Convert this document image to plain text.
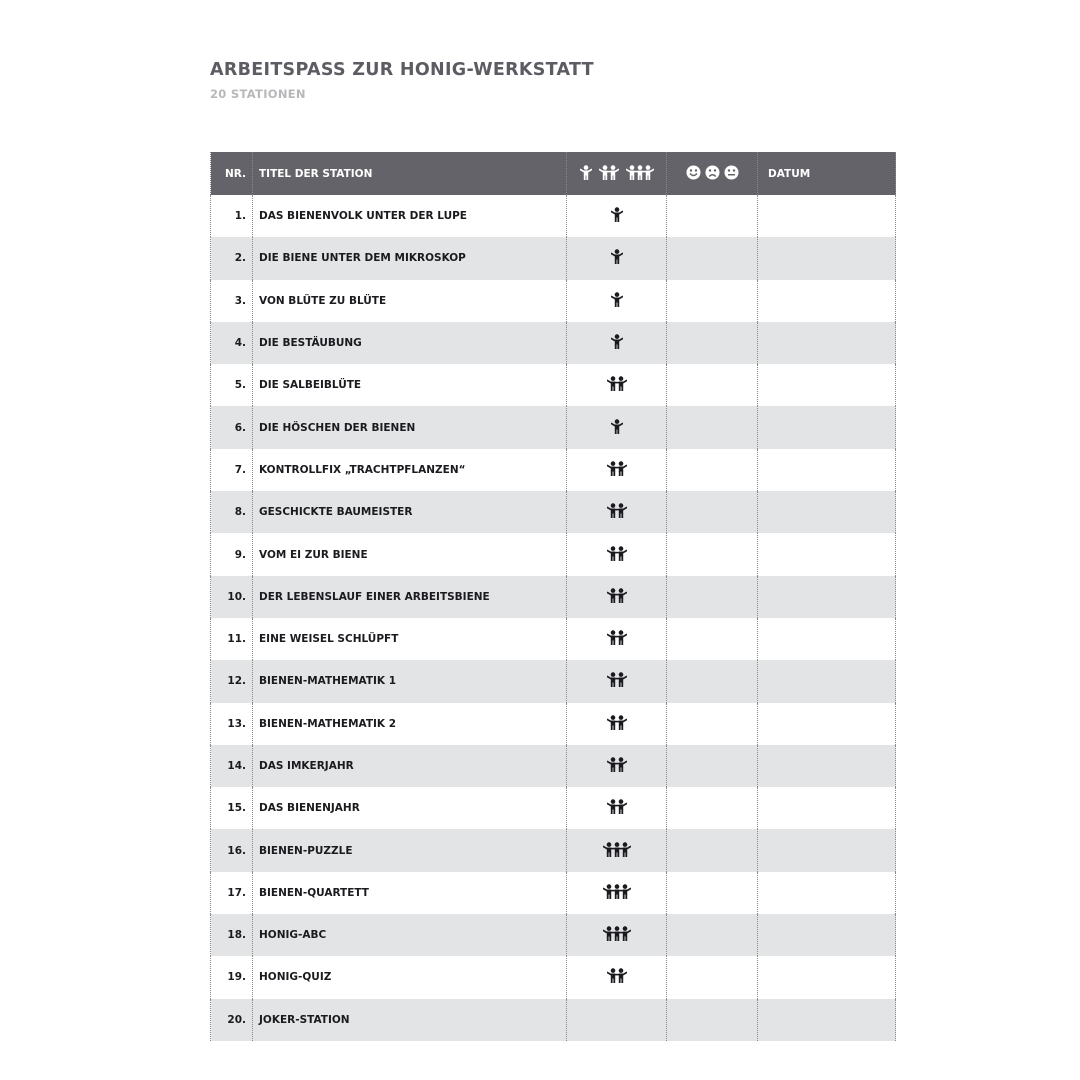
ARBEITSPASS ZUR HONIG-WERKSTATT
20 STATIONEN
NR.	TITEL DER STATION			DATUM
1.	DAS BIENENVOLK UNTER DER LUPE			
2.	DIE BIENE UNTER DEM MIKROSKOP			
3.	VON BLÜTE ZU BLÜTE			
4.	DIE BESTÄUBUNG			
5.	DIE SALBEIBLÜTE			
6.	DIE HÖSCHEN DER BIENEN			
7.	KONTROLLFIX „TRACHTPFLANZEN“			
8.	GESCHICKTE BAUMEISTER			
9.	VOM EI ZUR BIENE			
10.	DER LEBENSLAUF EINER ARBEITSBIENE			
11.	EINE WEISEL SCHLÜPFT			
12.	BIENEN-MATHEMATIK 1			
13.	BIENEN-MATHEMATIK 2			
14.	DAS IMKERJAHR			
15.	DAS BIENENJAHR			
16.	BIENEN-PUZZLE			
17.	BIENEN-QUARTETT			
18.	HONIG-ABC			
19.	HONIG-QUIZ			
20.	JOKER-STATION			
